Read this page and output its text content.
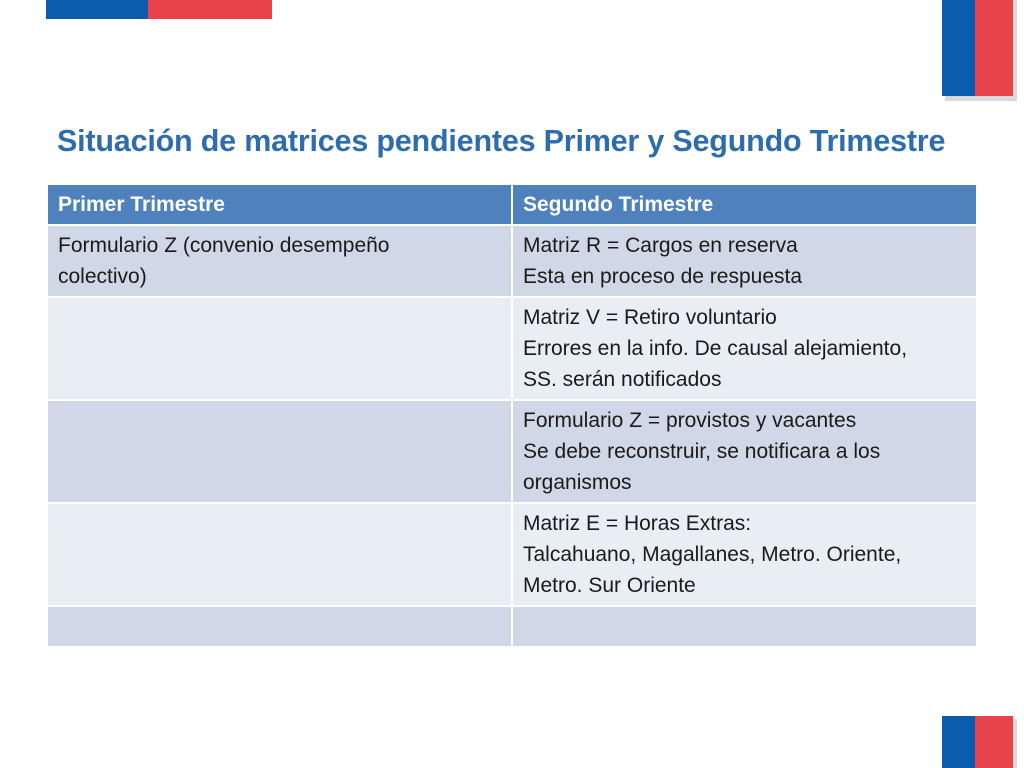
Situación de matrices pendientes Primer y Segundo Trimestre
Primer Trimestre	Segundo Trimestre

Formulario Z (convenio desempeño
colectivo)	Matriz R = Cargos en reserva
Esta en proceso de respuesta

	Matriz V = Retiro voluntario
Errores en la info. De causal alejamiento,
SS. serán notificados

	Formulario Z = provistos y vacantes
Se debe reconstruir, se notificara a los
organismos

	Matriz E = Horas Extras:
Talcahuano, Magallanes, Metro. Oriente,
Metro. Sur Oriente
